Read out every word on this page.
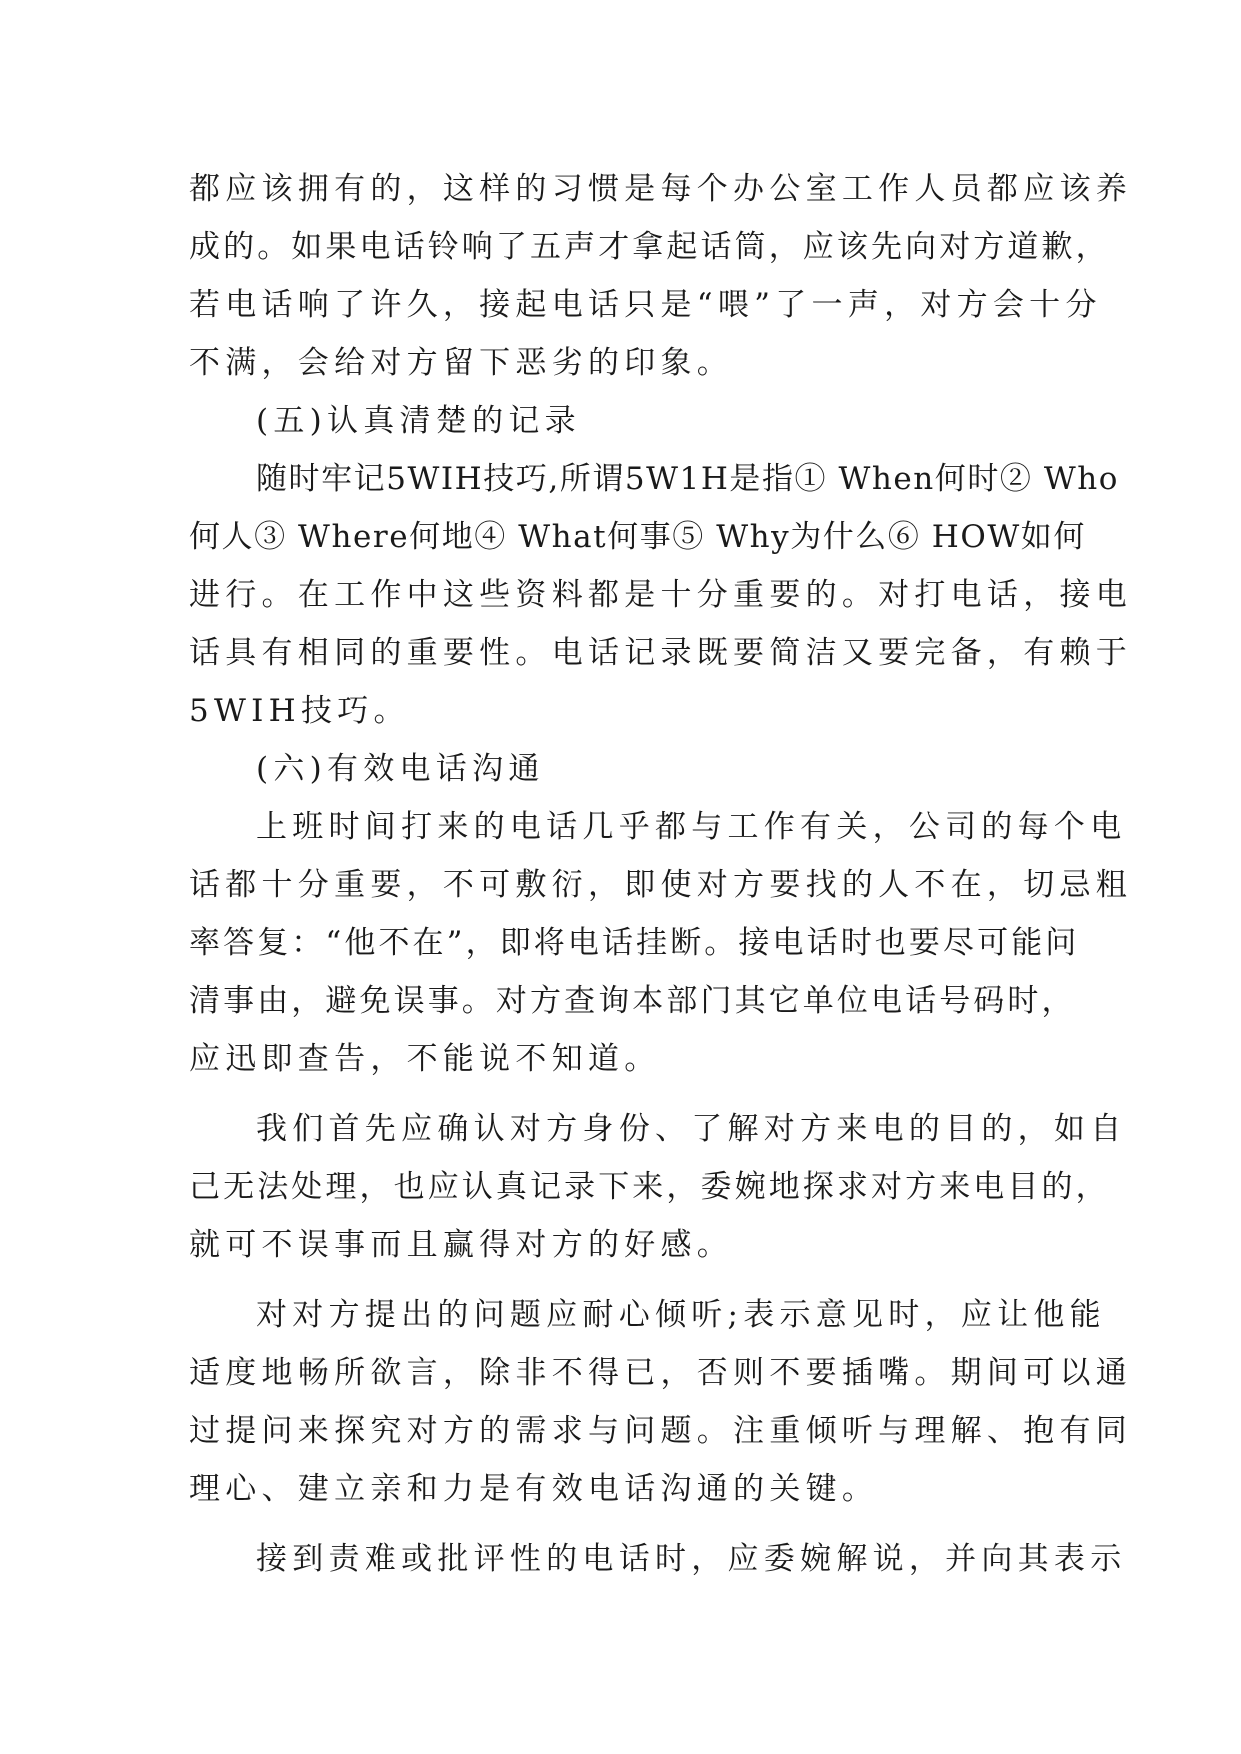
都应该拥有的，这样的习惯是每个办公室工作人员都应该养
成的。如果电话铃响了五声才拿起话筒，应该先向对方道歉，
若电话响了许久，接起电话只是“喂”了一声，对方会十分
不满，会给对方留下恶劣的印象。
(五)认真清楚的记录
随时牢记5WIH技巧,所谓5W1H是指① When何时② Who
何人③ Where何地④ What何事⑤ Why为什么⑥ HOW如何
进行。在工作中这些资料都是十分重要的。对打电话，接电
话具有相同的重要性。电话记录既要简洁又要完备，有赖于
5WIH技巧。
(六)有效电话沟通
上班时间打来的电话几乎都与工作有关，公司的每个电
话都十分重要，不可敷衍，即使对方要找的人不在，切忌粗
率答复：“他不在”，即将电话挂断。接电话时也要尽可能问
清事由，避免误事。对方查询本部门其它单位电话号码时，
应迅即查告，不能说不知道。
我们首先应确认对方身份、了解对方来电的目的，如自
己无法处理，也应认真记录下来，委婉地探求对方来电目的，
就可不误事而且赢得对方的好感。
对对方提出的问题应耐心倾听;表示意见时，应让他能
适度地畅所欲言，除非不得已，否则不要插嘴。期间可以通
过提问来探究对方的需求与问题。注重倾听与理解、抱有同
理心、建立亲和力是有效电话沟通的关键。
接到责难或批评性的电话时，应委婉解说，并向其表示
